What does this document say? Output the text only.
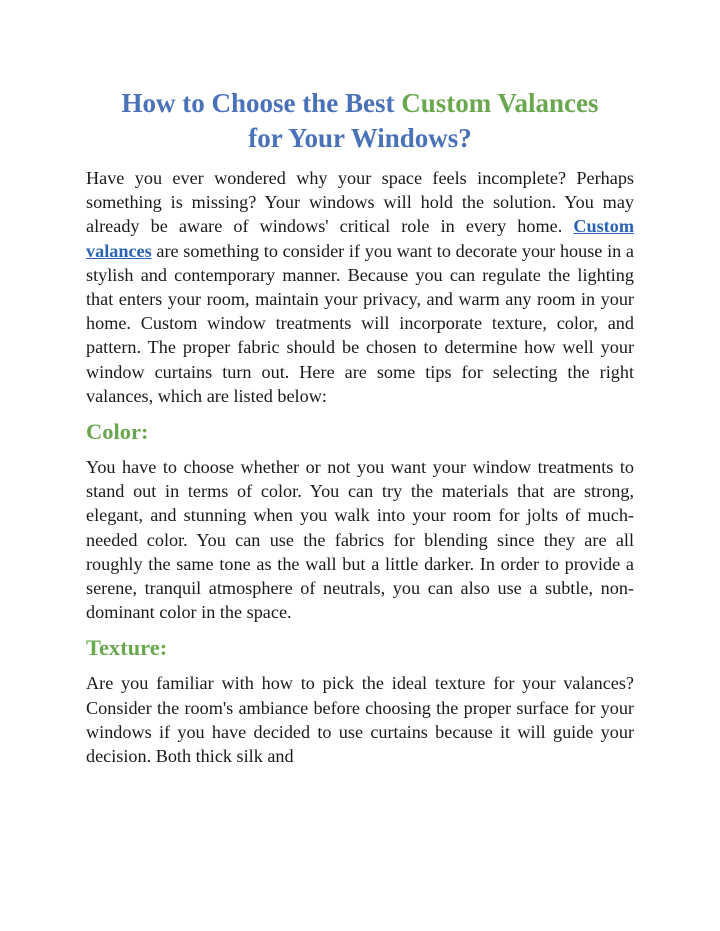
How to Choose the Best Custom Valances
for Your Windows?

Have you ever wondered why your space feels incomplete? Perhaps something is missing? Your windows will hold the solution. You may already be aware of windows' critical role in every home. Custom valances are something to consider if you want to decorate your house in a stylish and contemporary manner. Because you can regulate the lighting that enters your room, maintain your privacy, and warm any room in your home. Custom window treatments will incorporate texture, color, and pattern. The proper fabric should be chosen to determine how well your window curtains turn out. Here are some tips for selecting the right valances, which are listed below:

Color:

You have to choose whether or not you want your window treatments to stand out in terms of color. You can try the materials that are strong, elegant, and stunning when you walk into your room for jolts of much-needed color. You can use the fabrics for blending since they are all roughly the same tone as the wall but a little darker. In order to provide a serene, tranquil atmosphere of neutrals, you can also use a subtle, non-dominant color in the space.

Texture:

Are you familiar with how to pick the ideal texture for your valances? Consider the room's ambiance before choosing the proper surface for your windows if you have decided to use curtains because it will guide your decision. Both thick silk and
